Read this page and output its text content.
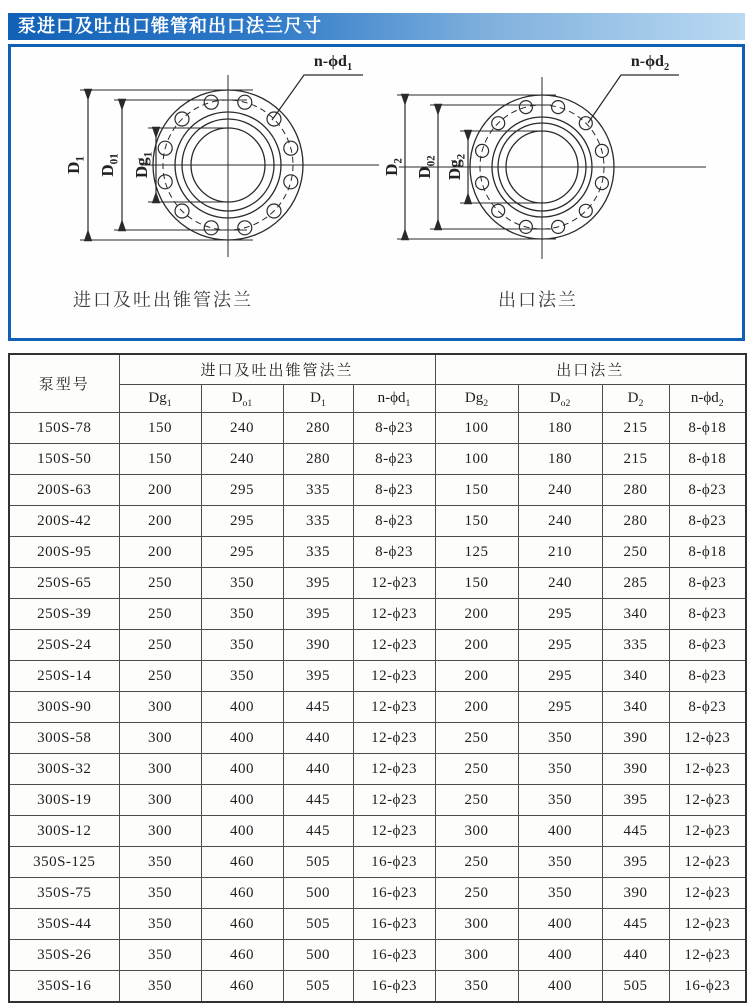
泵进口及吐出口锥管和出口法兰尺寸
$D_1$
$D_{01}$ $Dg_1$
$n-\phi d_1$
进口及吐出锥管法兰
$D_2$
$D_{02}$ $Dg_2$
$n-\phi d_2$
出口法兰
泵型号	进口及吐出锥管法兰				出口法兰			
	$Dg_1$	$D_{o1}$	$D_1$	$n-\phi d_1$	$Dg_2$	$D_{o2}$	$D_2$	$n-\phi d_2$
150S-78	150	240	280	8-ϕ23	100	180	215	8-ϕ18
150S-50	150	240	280	8-ϕ23	100	180	215	8-ϕ18
200S-63	200	295	335	8-ϕ23	150	240	280	8-ϕ23
200S-42	200	295	335	8-ϕ23	150	240	280	8-ϕ23
200S-95	200	295	335	8-ϕ23	125	210	250	8-ϕ18
250S-65	250	350	395	12-ϕ23	150	240	285	8-ϕ23
250S-39	250	350	395	12-ϕ23	200	295	340	8-ϕ23
250S-24	250	350	390	12-ϕ23	200	295	335	8-ϕ23
250S-14	250	350	395	12-ϕ23	200	295	340	8-ϕ23
300S-90	300	400	445	12-ϕ23	200	295	340	8-ϕ23
300S-58	300	400	440	12-ϕ23	250	350	390	12-ϕ23
300S-32	300	400	440	12-ϕ23	250	350	390	12-ϕ23
300S-19	300	400	445	12-ϕ23	250	350	395	12-ϕ23
300S-12	300	400	445	12-ϕ23	300	400	445	12-ϕ23
350S-125	350	460	505	16-ϕ23	250	350	395	12-ϕ23
350S-75	350	460	500	16-ϕ23	250	350	390	12-ϕ23
350S-44	350	460	505	16-ϕ23	300	400	445	12-ϕ23
350S-26	350	460	500	16-ϕ23	300	400	440	12-ϕ23
350S-16	350	460	505	16-ϕ23	350	400	505	16-ϕ23
